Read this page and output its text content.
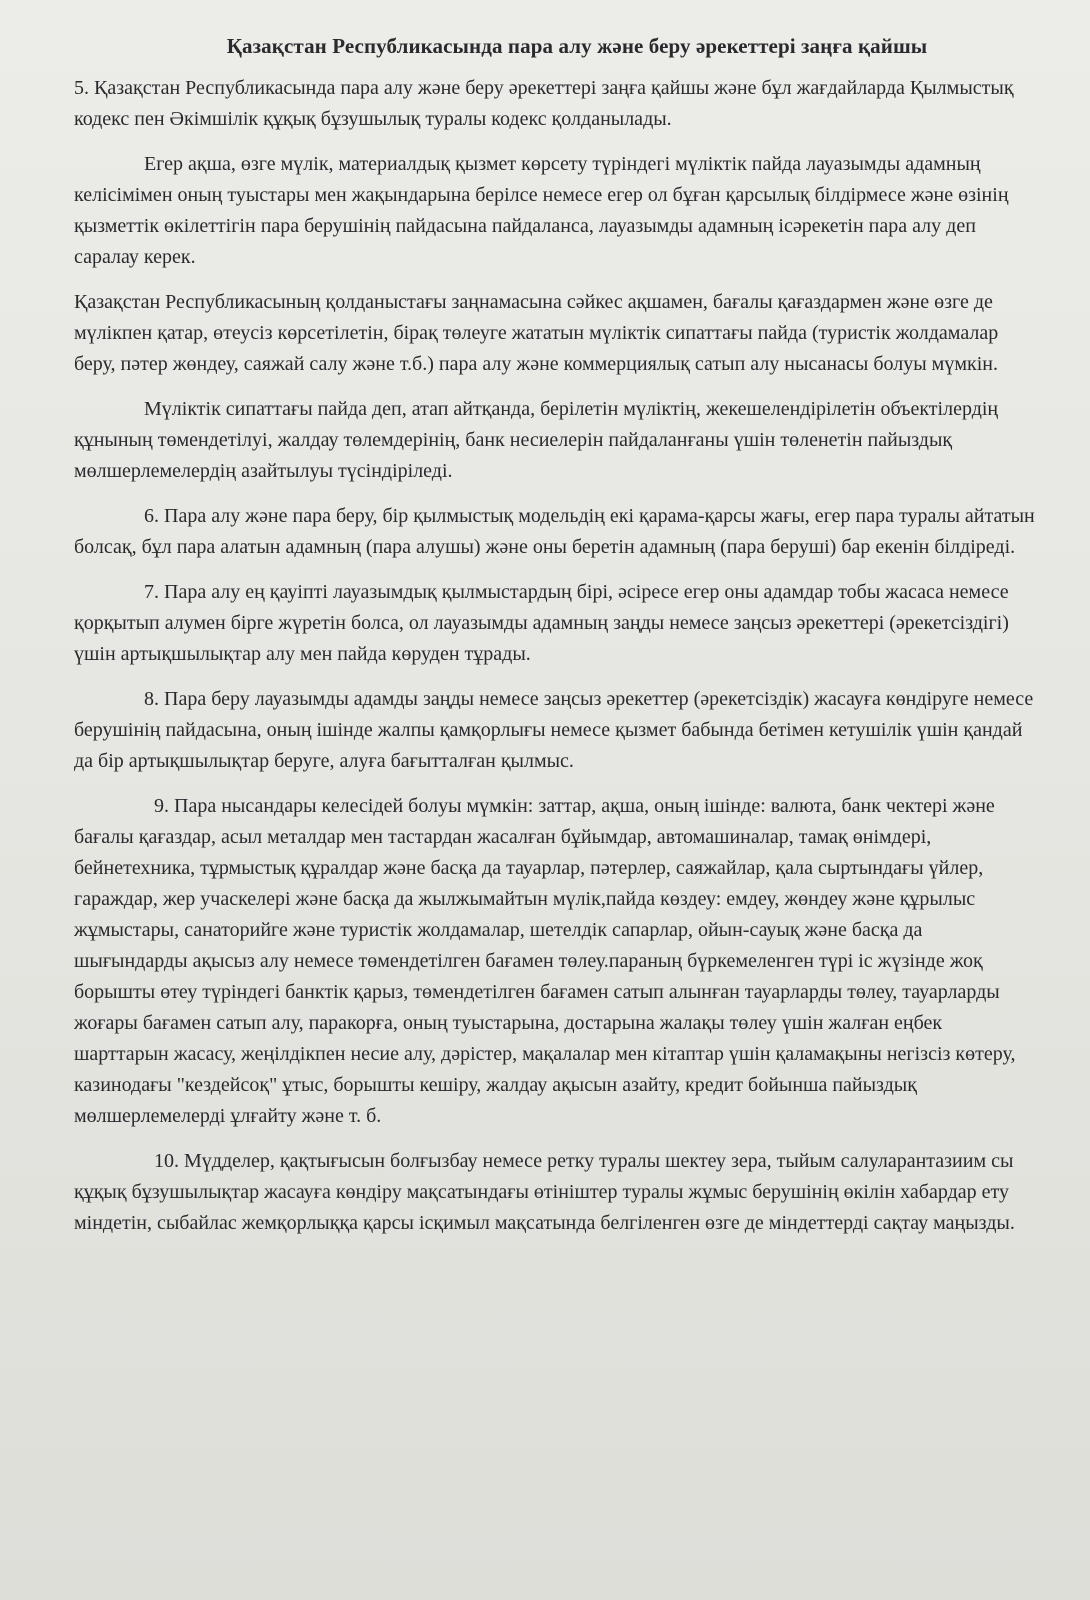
Қазақстан Республикасында пара алу және беру әрекеттері заңға қайшы

5. Қазақстан Республикасында пара алу және беру әрекеттері заңға қайшы және бұл жағдайларда Қылмыстық кодекс пен Әкімшілік құқық бұзушылық туралы кодекс қолданылады.

Егер ақша, өзге мүлік, материалдық қызмет көрсету түріндегі мүліктік пайда лауазымды адамның келісімімен оның туыстары мен жақындарына берілсе немесе егер ол бұған қарсылық білдірмесе және өзінің қызметтік өкілеттігін пара берушінің пайдасына пайдаланса, лауазымды адамның ісәрекетін пара алу деп саралау керек.

Қазақстан Республикасының қолданыстағы заңнамасына сәйкес ақшамен, бағалы қағаздармен және өзге де мүлікпен қатар, өтеусіз көрсетілетін, бірақ төлеуге жататын мүліктік сипаттағы пайда (туристік жолдамалар беру, пәтер жөндеу, саяжай салу және т.б.) пара алу және коммерциялық сатып алу нысанасы болуы мүмкін.

Мүліктік сипаттағы пайда деп, атап айтқанда, берілетін мүліктің, жекешелендірілетін объектілердің құнының төмендетілуі, жалдау төлемдерінің, банк несиелерін пайдаланғаны үшін төленетін пайыздық мөлшерлемелердің азайтылуы түсіндіріледі.

6. Пара алу және пара беру, бір қылмыстық модельдің екі қарама-қарсы жағы, егер пара туралы айтатын болсақ, бұл пара алатын адамның (пара алушы) және оны беретін адамның (пара беруші) бар екенін білдіреді.

7. Пара алу ең қауіпті лауазымдық қылмыстардың бірі, әсіресе егер оны адамдар тобы жасаса немесе қорқытып алумен бірге жүретін болса, ол лауазымды адамның заңды немесе заңсыз әрекеттері (әрекетсіздігі) үшін артықшылықтар алу мен пайда көруден тұрады.

8. Пара беру лауазымды адамды заңды немесе заңсыз әрекеттер (әрекетсіздік) жасауға көндіруге немесе берушінің пайдасына, оның ішінде жалпы қамқорлығы немесе қызмет бабында бетімен кетушілік үшін қандай да бір артықшылықтар беруге, алуға бағытталған қылмыс.

9. Пара нысандары келесідей болуы мүмкін: заттар, ақша, оның ішінде: валюта, банк чектері және бағалы қағаздар, асыл металдар мен тастардан жасалған бұйымдар, автомашиналар, тамақ өнімдері, бейнетехника, тұрмыстық құралдар және басқа да тауарлар, пәтерлер, саяжайлар, қала сыртындағы үйлер, гараждар, жер учаскелері және басқа да жылжымайтын мүлік,пайда көздеу: емдеу, жөндеу және құрылыс жұмыстары, санаторийге және туристік жолдамалар, шетелдік сапарлар, ойын-сауық және басқа да шығындарды ақысыз алу немесе төмендетілген бағамен төлеу.параның бүркемеленген түрі іс жүзінде жоқ борышты өтеу түріндегі банктік қарыз, төмендетілген бағамен сатып алынған тауарларды төлеу, тауарларды жоғары бағамен сатып алу, паракорға, оның туыстарына, достарына жалақы төлеу үшін жалған еңбек шарттарын жасасу, жеңілдікпен несие алу, дәрістер, мақалалар мен кітаптар үшін қаламақыны негізсіз көтеру, казинодағы "кездейсоқ" ұтыс, борышты кешіру, жалдау ақысын азайту, кредит бойынша пайыздық мөлшерлемелерді ұлғайту және т. б.

10. Мүдделер, қақтығысын болғызбау немесе ретку туралы шектеу зера, тыйым салуларантазиим сы құқық бұзушылықтар жасауға көндіру мақсатындағы өтініштер туралы жұмыс берушінің өкілін хабардар ету міндетін, сыбайлас жемқорлыққа қарсы ісқимыл мақсатында белгіленген өзге де міндеттерді сақтау маңызды.
